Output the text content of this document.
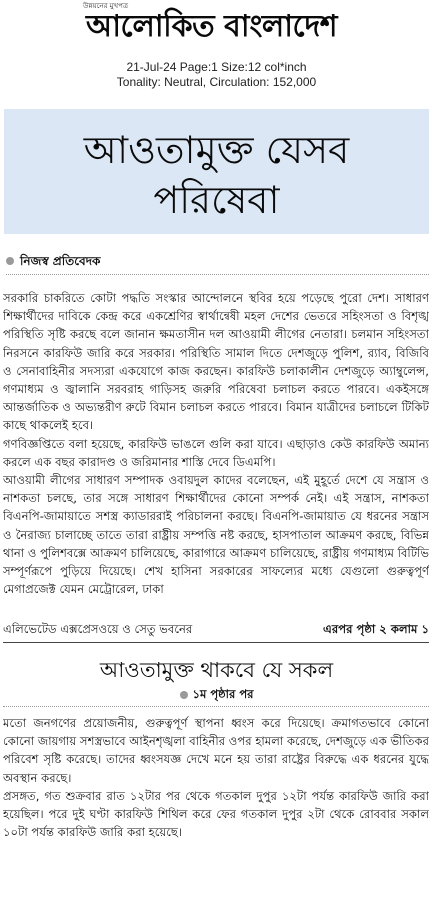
উন্নয়নের মুখপত্র
আলোকিত বাংলাদেশ
21-Jul-24 Page:1 Size:12 col*inch
Tonality: Neutral, Circulation: 152,000
আওতামুক্ত যেসব
পরিষেবা
নিজস্ব প্রতিবেদক

সরকারি চাকরিতে কোটা পদ্ধতি সংস্কার আন্দোলনে স্থবির হয়ে পড়েছে পুরো দেশ। সাধারণ শিক্ষার্থীদের দাবিকে কেন্দ্র করে একশ্রেণির স্বার্থান্বেষী মহল দেশের ভেতরে সহিংসতা ও বিশৃঙ্খ পরিস্থিতি সৃষ্টি করছে বলে জানান ক্ষমতাসীন দল আওয়ামী লীগের নেতারা। চলমান সহিংসতা নিরসনে কারফিউ জারি করে সরকার। পরিস্থিতি সামাল দিতে দেশজুড়ে পুলিশ, র‍্যাব, বিজিবি ও সেনাবাহিনীর সদস্যরা একযোগে কাজ করছেন। কারফিউ চলাকালীন দেশজুড়ে অ্যাম্বুলেন্স, গণমাধ্যম ও জ্বালানি সরবরাহ গাড়িসহ জরুরি পরিষেবা চলাচল করতে পারবে। একইসঙ্গে আন্তর্জাতিক ও অভ্যন্তরীণ রুটে বিমান চলাচল করতে পারবে। বিমান যাত্রীদের চলাচলে টিকিট কাছে থাকলেই হবে।

গণবিজ্ঞপ্তিতে বলা হয়েছে, কারফিউ ভাঙলে গুলি করা যাবে। এছাড়াও কেউ কারফিউ অমান্য করলে এক বছর কারাদণ্ড ও জরিমানার শাস্তি দেবে ডিএমপি।

আওয়ামী লীগের সাধারণ সম্পাদক ওবায়দুল কাদের বলেছেন, এই মুহূর্তে দেশে যে সন্ত্রাস ও নাশকতা চলছে, তার সঙ্গে সাধারণ শিক্ষার্থীদের কোনো সম্পর্ক নেই। এই সন্ত্রাস, নাশকতা বিএনপি-জামায়াতে সশস্ত্র ক্যাডাররাই পরিচালনা করছে। বিএনপি-জামায়াত যে ধরনের সন্ত্রাস ও নৈরাজ্য চালাচ্ছে তাতে তারা রাষ্ট্রীয় সম্পত্তি নষ্ট করছে, হাসপাতাল আক্রমণ করছে, বিভিন্ন থানা ও পুলিশবক্সে আক্রমণ চালিয়েছে, কারাগারে আক্রমণ চালিয়েছে, রাষ্ট্রীয় গণমাধ্যম বিটিভি সম্পূর্ণরূপে পুড়িয়ে দিয়েছে। শেখ হাসিনা সরকারের সাফল্যের মধ্যে যেগুলো গুরুত্বপূর্ণ মেগাপ্রজেক্ট যেমন মেট্রোরেল, ঢাকা

এলিভেটেড এক্সপ্রেসওয়ে ও সেতু ভবনের	এরপর পৃষ্ঠা ২ কলাম ১
আওতামুক্ত থাকবে যে সকল
১ম পৃষ্ঠার পর

মতো জনগণের প্রয়োজনীয়, গুরুত্বপূর্ণ স্থাপনা ধ্বংস করে দিয়েছে। ক্রমাগতভাবে কোনো কোনো জায়গায় সশস্ত্রভাবে আইনশৃঙ্খলা বাহিনীর ওপর হামলা করেছে, দেশজুড়ে এক ভীতিকর পরিবেশ সৃষ্টি করেছে। তাদের ধ্বংসযজ্ঞ দেখে মনে হয় তারা রাষ্ট্রের বিরুদ্ধে এক ধরনের যুদ্ধে অবস্থান করছে।

প্রসঙ্গত, গত শুক্রবার রাত ১২টার পর থেকে গতকাল দুপুর ১২টা পর্যন্ত কারফিউ জারি করা হয়েছিল। পরে দুই ঘণ্টা কারফিউ শিথিল করে ফের গতকাল দুপুর ২টা থেকে রোববার সকাল ১০টা পর্যন্ত কারফিউ জারি করা হয়েছে।
